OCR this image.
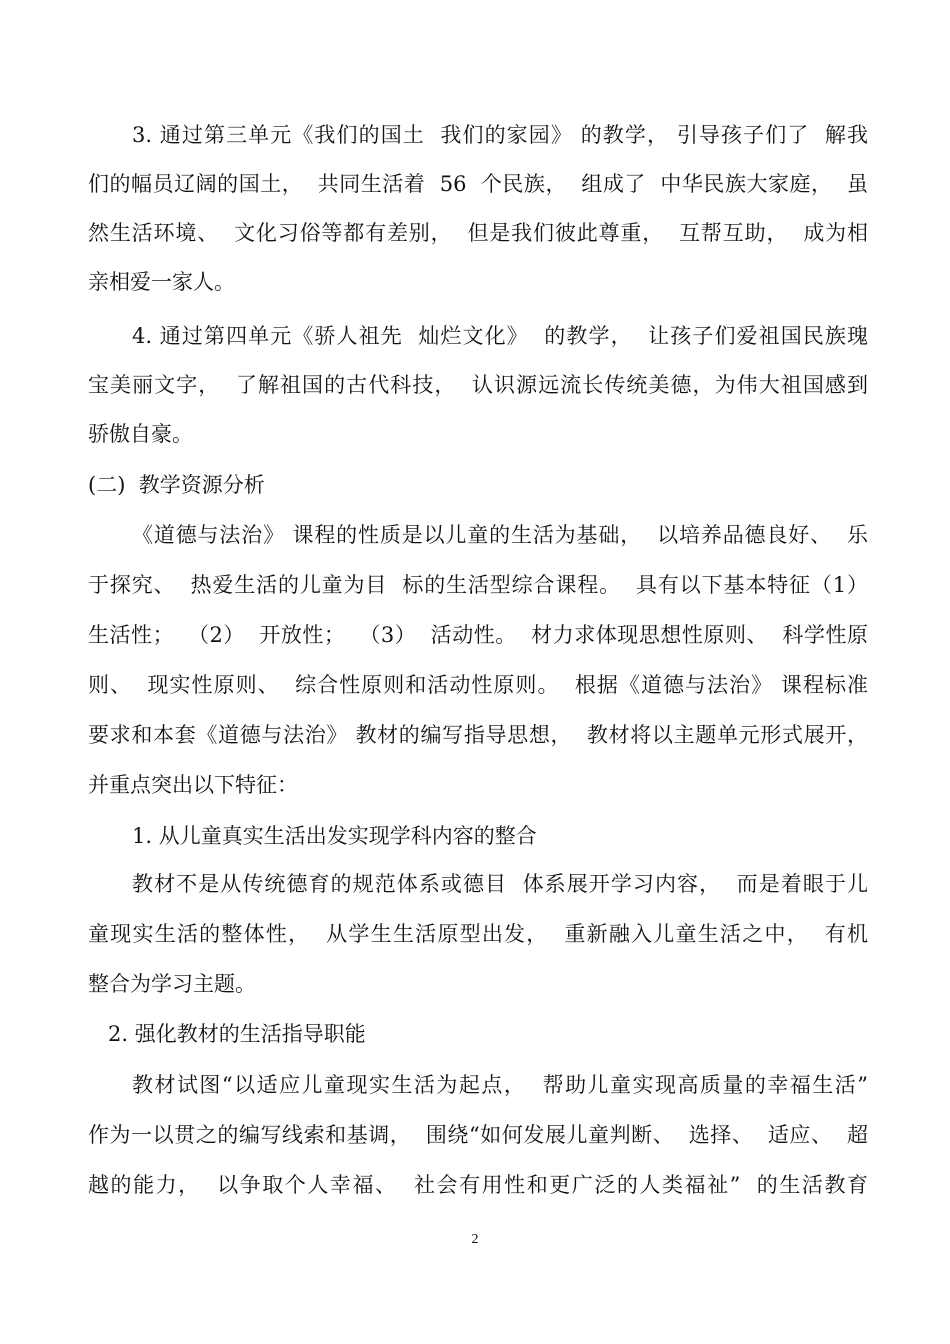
3. 通过第三单元《我们的国土  我们的家园》 的教学， 引导孩子们了  解我
们的幅员辽阔的国土，  共同生活着  56  个民族，  组成了  中华民族大家庭，  虽
然生活环境、  文化习俗等都有差别，  但是我们彼此尊重，  互帮互助，  成为相
亲相爱一家人。
4. 通过第四单元《骄人祖先  灿烂文化》  的教学，  让孩子们爱祖国民族瑰
宝美丽文字，  了解祖国的古代科技，  认识源远流长传统美德，为伟大祖国感到
骄傲自豪。
(二)  教学资源分析
《道德与法治》 课程的性质是以儿童的生活为基础，  以培养品德良好、  乐
于探究、  热爱生活的儿童为目  标的生活型综合课程。  具有以下基本特征（1）
生活性；  （2）  开放性；  （3）  活动性。  材力求体现思想性原则、  科学性原
则、  现实性原则、  综合性原则和活动性原则。  根据《道德与法治》 课程标准
要求和本套《道德与法治》 教材的编写指导思想，  教材将以主题单元形式展开，
并重点突出以下特征：
1. 从儿童真实生活出发实现学科内容的整合
教材不是从传统德育的规范体系或德目  体系展开学习内容，  而是着眼于儿
童现实生活的整体性，  从学生生活原型出发，  重新融入儿童生活之中，  有机
整合为学习主题。
2. 强化教材的生活指导职能
教材试图“以适应儿童现实生活为起点，  帮助儿童实现高质量的幸福生活”
作为一以贯之的编写线索和基调，  围绕“如何发展儿童判断、  选择、  适应、  超
越的能力，  以争取个人幸福、  社会有用性和更广泛的人类福祉”  的生活教育
2
